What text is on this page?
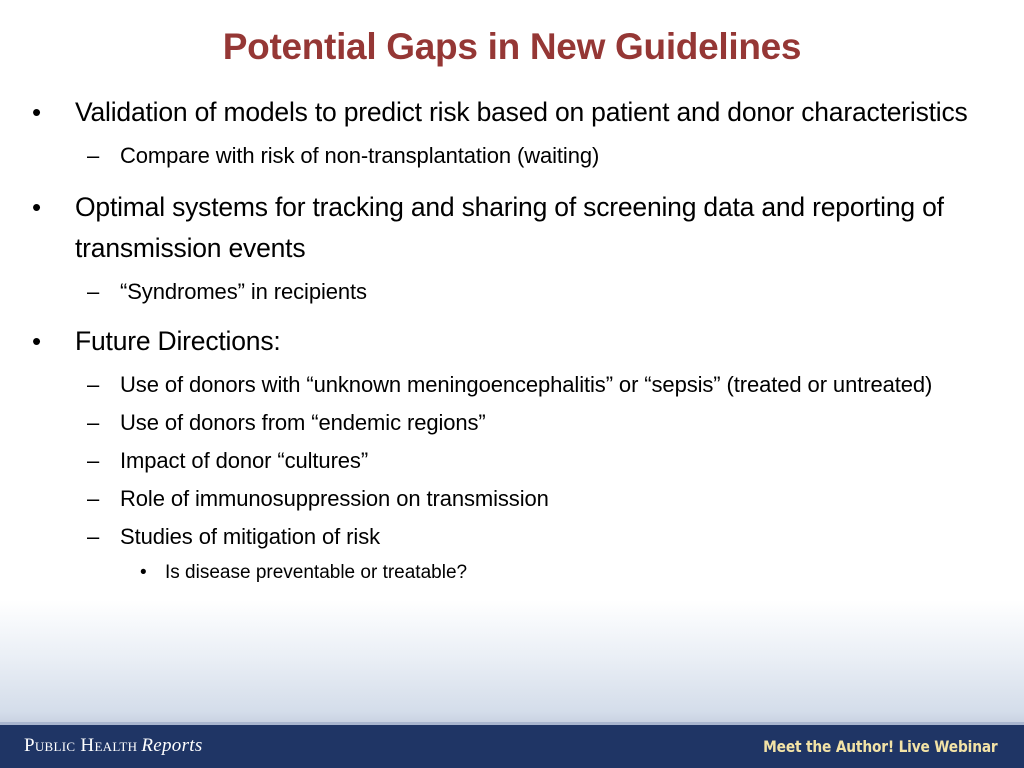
Potential Gaps in New Guidelines
• Validation of models to predict risk based on patient and donor characteristics
– Compare with risk of non-transplantation (waiting)
• Optimal systems for tracking and sharing of screening data and reporting of transmission events
– “Syndromes” in recipients
• Future Directions:
– Use of donors with “unknown meningoencephalitis” or “sepsis” (treated or untreated)
– Use of donors from “endemic regions”
– Impact of donor “cultures”
– Role of immunosuppression on transmission
– Studies of mitigation of risk
• Is disease preventable or treatable?
Public Health Reports	Meet the Author! Live Webinar
